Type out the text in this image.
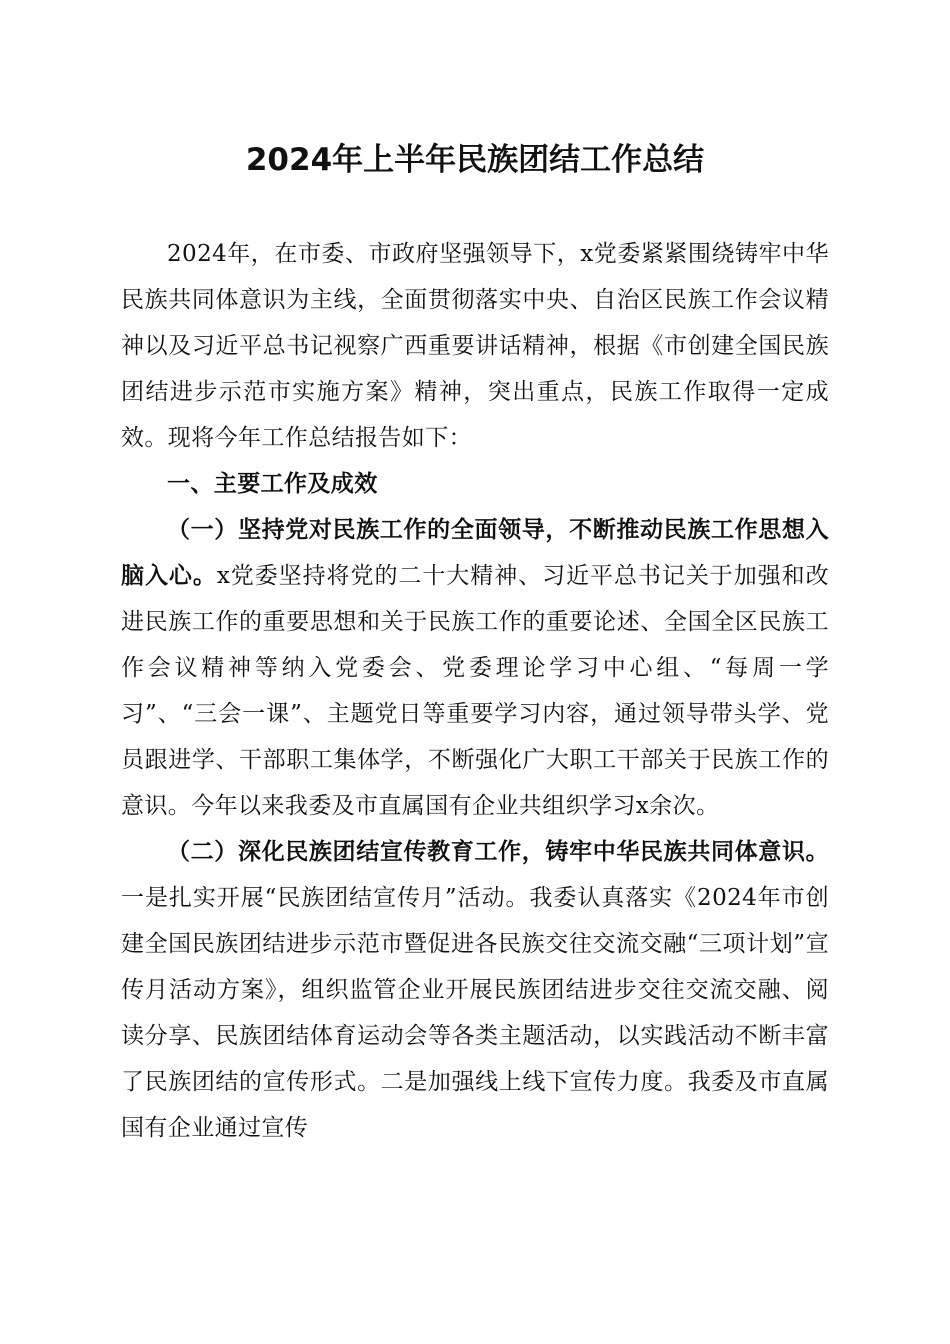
2024年上半年民族团结工作总结

2024年，在市委、市政府坚强领导下，x党委紧紧围绕铸牢中华民族共同体意识为主线，全面贯彻落实中央、自治区民族工作会议精神以及习近平总书记视察广西重要讲话精神，根据《市创建全国民族团结进步示范市实施方案》精神，突出重点，民族工作取得一定成效。现将今年工作总结报告如下：

一、主要工作及成效

（一）坚持党对民族工作的全面领导，不断推动民族工作思想入脑入心。x党委坚持将党的二十大精神、习近平总书记关于加强和改进民族工作的重要思想和关于民族工作的重要论述、全国全区民族工作会议精神等纳入党委会、党委理论学习中心组、“每周一学习”、“三会一课”、主题党日等重要学习内容，通过领导带头学、党员跟进学、干部职工集体学，不断强化广大职工干部关于民族工作的意识。今年以来我委及市直属国有企业共组织学习x余次。

（二）深化民族团结宣传教育工作，铸牢中华民族共同体意识。一是扎实开展“民族团结宣传月”活动。我委认真落实《2024年市创建全国民族团结进步示范市暨促进各民族交往交流交融“三项计划”宣传月活动方案》，组织监管企业开展民族团结进步交往交流交融、阅读分享、民族团结体育运动会等各类主题活动，以实践活动不断丰富了民族团结的宣传形式。二是加强线上线下宣传力度。我委及市直属国有企业通过宣传
